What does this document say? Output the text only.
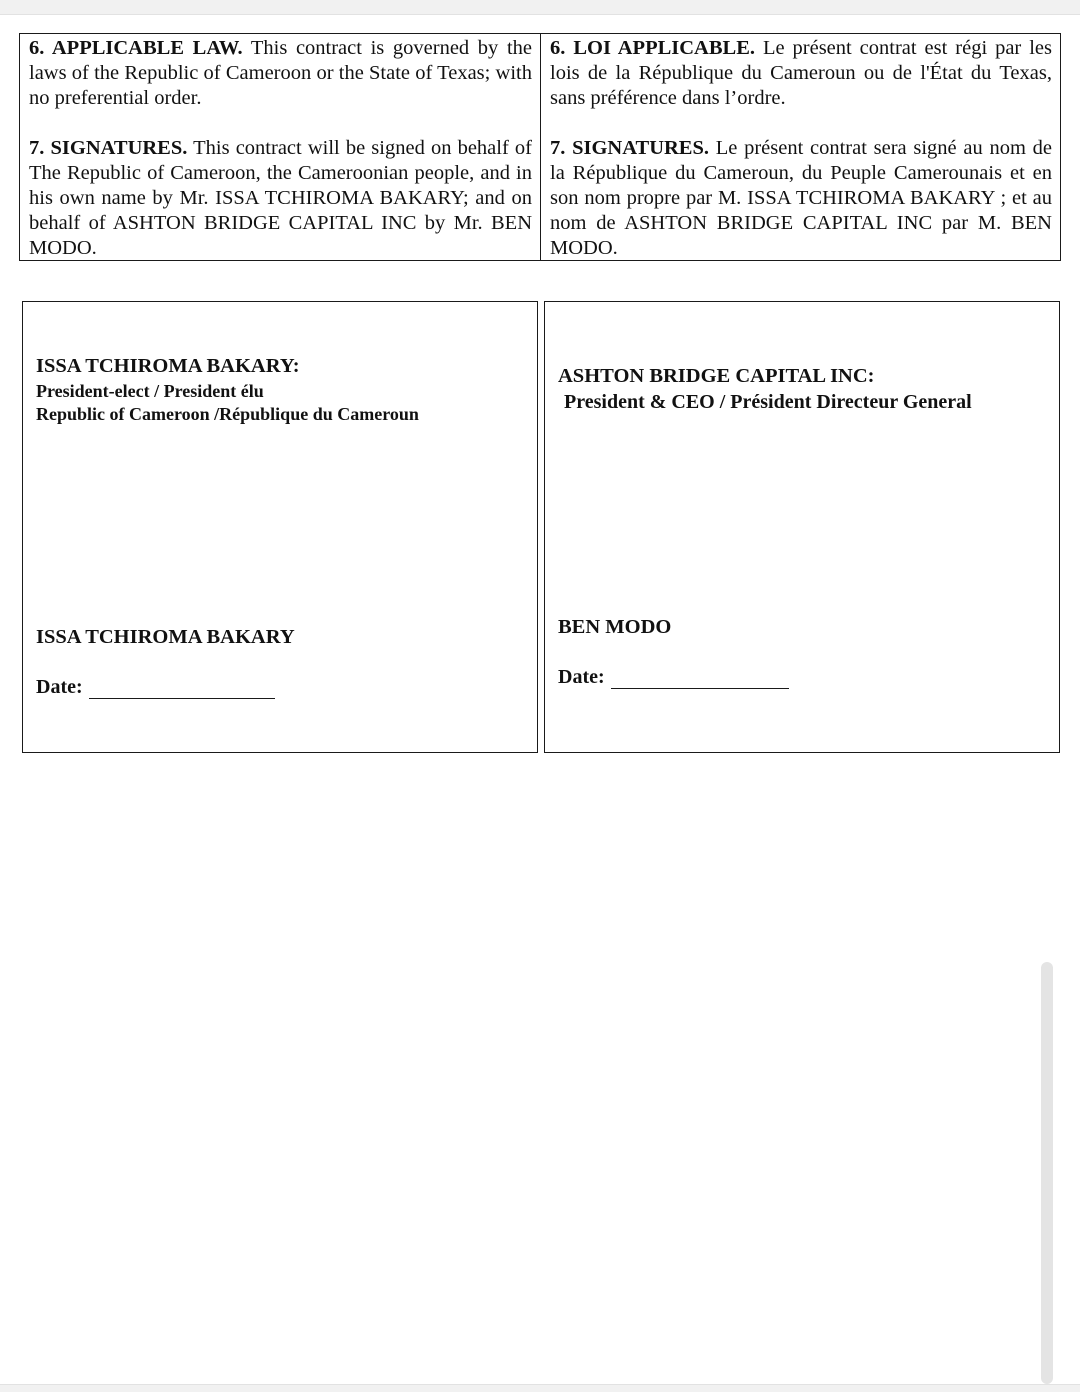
6. APPLICABLE LAW. This contract is governed by the laws of the Republic of Cameroon or the State of Texas; with no preferential order.

7. SIGNATURES. This contract will be signed on behalf of The Republic of Cameroon, the Cameroonian people, and in his own name by Mr. ISSA TCHIROMA BAKARY; and on behalf of ASHTON BRIDGE CAPITAL INC by Mr. BEN MODO.

6. LOI APPLICABLE. Le présent contrat est régi par les lois de la République du Cameroun ou de l'État du Texas, sans préférence dans l’ordre.

7. SIGNATURES. Le présent contrat sera signé au nom de la République du Cameroun, du Peuple Camerounais et en son nom propre par M. ISSA TCHIROMA BAKARY ; et au nom de ASHTON BRIDGE CAPITAL INC par M. BEN MODO.

ISSA TCHIROMA BAKARY:
President-elect / President élu
Republic of Cameroon /République du Cameroun
ISSA TCHIROMA BAKARY
Date:
ASHTON BRIDGE CAPITAL INC:
President & CEO / Président Directeur General
BEN MODO
Date:
